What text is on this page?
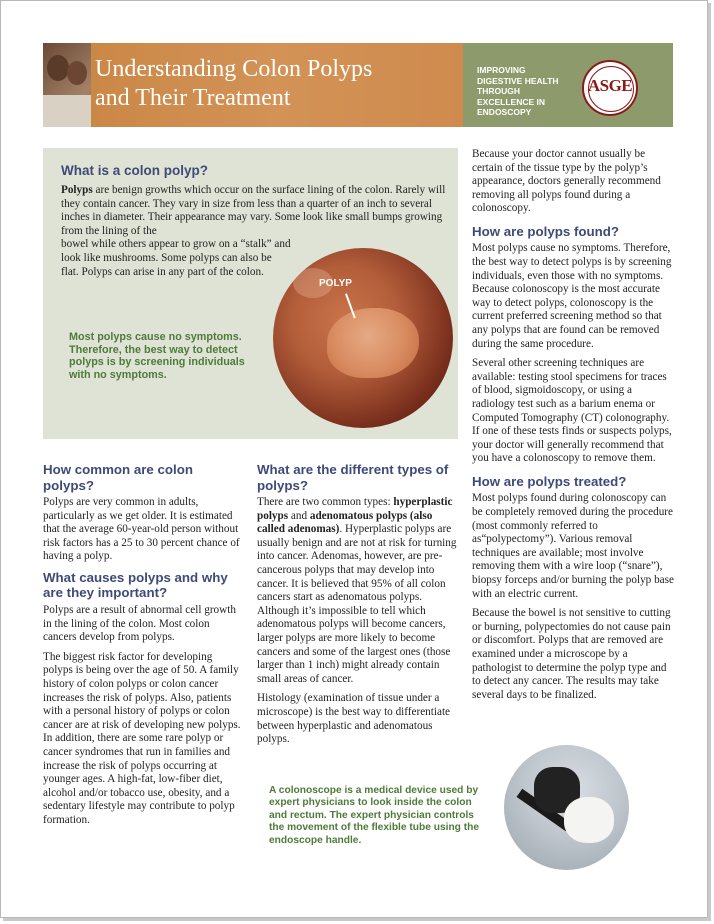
Understanding Colon Polyps
and Their Treatment
IMPROVING DIGESTIVE HEALTH THROUGH EXCELLENCE IN ENDOSCOPY
ASGE
What is a colon polyp?

Polyps are benign growths which occur on the surface lining of the colon. Rarely will they contain cancer. They vary in size from less than a quarter of an inch to several inches in diameter. Their appearance may vary. Some look like small bumps growing from the lining of the
bowel while others appear to grow on a “stalk” and look like mushrooms. Some polyps can also be flat. Polyps can arise in any part of the colon.

Most polyps cause no symptoms. Therefore, the best way to detect polyps is by screening individuals with no symptoms.

POLYP
How common are colon polyps?

Polyps are very common in adults, particularly as we get older. It is estimated that the average 60-year-old person without risk factors has a 25 to 30 percent chance of having a polyp.

What causes polyps and why are they important?

Polyps are a result of abnormal cell growth in the lining of the colon. Most colon cancers develop from polyps.

The biggest risk factor for developing polyps is being over the age of 50. A family history of colon polyps or colon cancer increases the risk of polyps. Also, patients with a personal history of polyps or colon cancer are at risk of developing new polyps. In addition, there are some rare polyp or cancer syndromes that run in families and increase the risk of polyps occurring at younger ages. A high-fat, low-fiber diet, alcohol and/or tobacco use, obesity, and a sedentary lifestyle may contribute to polyp formation.

What are the different types of polyps?

There are two common types: hyperplastic polyps and adenomatous polyps (also called adenomas). Hyperplastic polyps are usually benign and are not at risk for turning into cancer. Adenomas, however, are pre-cancerous polyps that may develop into cancer. It is believed that 95% of all colon cancers start as adenomatous polyps. Although it’s impossible to tell which adenomatous polyps will become cancers, larger polyps are more likely to become cancers and some of the largest ones (those larger than 1 inch) might already contain small areas of cancer.

Histology (examination of tissue under a microscope) is the best way to differentiate between hyperplastic and adenomatous polyps.

Because your doctor cannot usually be certain of the tissue type by the polyp’s appearance, doctors generally recommend removing all polyps found during a colonoscopy.

How are polyps found?

Most polyps cause no symptoms. Therefore, the best way to detect polyps is by screening individuals, even those with no symptoms. Because colonoscopy is the most accurate way to detect polyps, colonoscopy is the current preferred screening method so that any polyps that are found can be removed during the same procedure.

Several other screening techniques are available: testing stool specimens for traces of blood, sigmoidoscopy, or using a radiology test such as a barium enema or Computed Tomography (CT) colonography. If one of these tests finds or suspects polyps, your doctor will generally recommend that you have a colonoscopy to remove them.

How are polyps treated?

Most polyps found during colonoscopy can be completely removed during the procedure (most commonly referred to as“polypectomy”). Various removal techniques are available; most involve removing them with a wire loop (“snare”), biopsy forceps and/or burning the polyp base with an electric current.

Because the bowel is not sensitive to cutting or burning, polypectomies do not cause pain or discomfort. Polyps that are removed are examined under a microscope by a pathologist to determine the polyp type and to detect any cancer. The results may take several days to be finalized.

A colonoscope is a medical device used by expert physicians to look inside the colon and rectum. The expert physician controls the movement of the flexible tube using the endoscope handle.
